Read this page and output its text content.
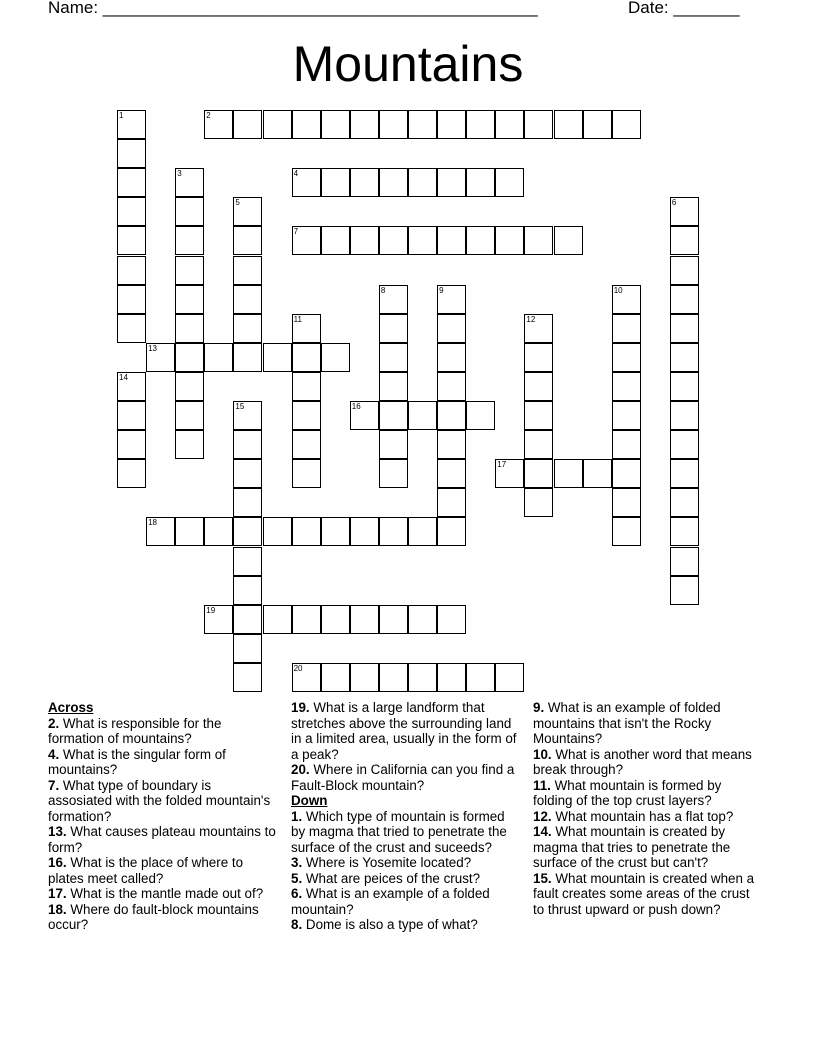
Name: ______________________________________________	Date: _______
Mountains
2
4
7
13
16
17
18
19
20
1
3
5	6
8	9	10
11	12
14
15
Across

2. What is responsible for the formation of mountains?

4. What is the singular form of mountains?

7. What type of boundary is assosiated with the folded mountain's formation?

13. What causes plateau mountains to form?

16. What is the place of where to plates meet called?

17. What is the mantle made out of?

18. Where do fault-block mountains occur?

19. What is a large landform that stretches above the surrounding land in a limited area, usually in the form of a peak?

20. Where in California can you find a Fault-Block mountain?

Down

1. Which type of mountain is formed by magma that tried to penetrate the surface of the crust and suceeds?

3. Where is Yosemite located?

5. What are peices of the crust?

6. What is an example of a folded mountain?

8. Dome is also a type of what?

9. What is an example of folded mountains that isn't the Rocky Mountains?

10. What is another word that means break through?

11. What mountain is formed by folding of the top crust layers?

12. What mountain has a flat top?

14. What mountain is created by magma that tries to penetrate the surface of the crust but can't?

15. What mountain is created when a fault creates some areas of the crust to thrust upward or push down?
